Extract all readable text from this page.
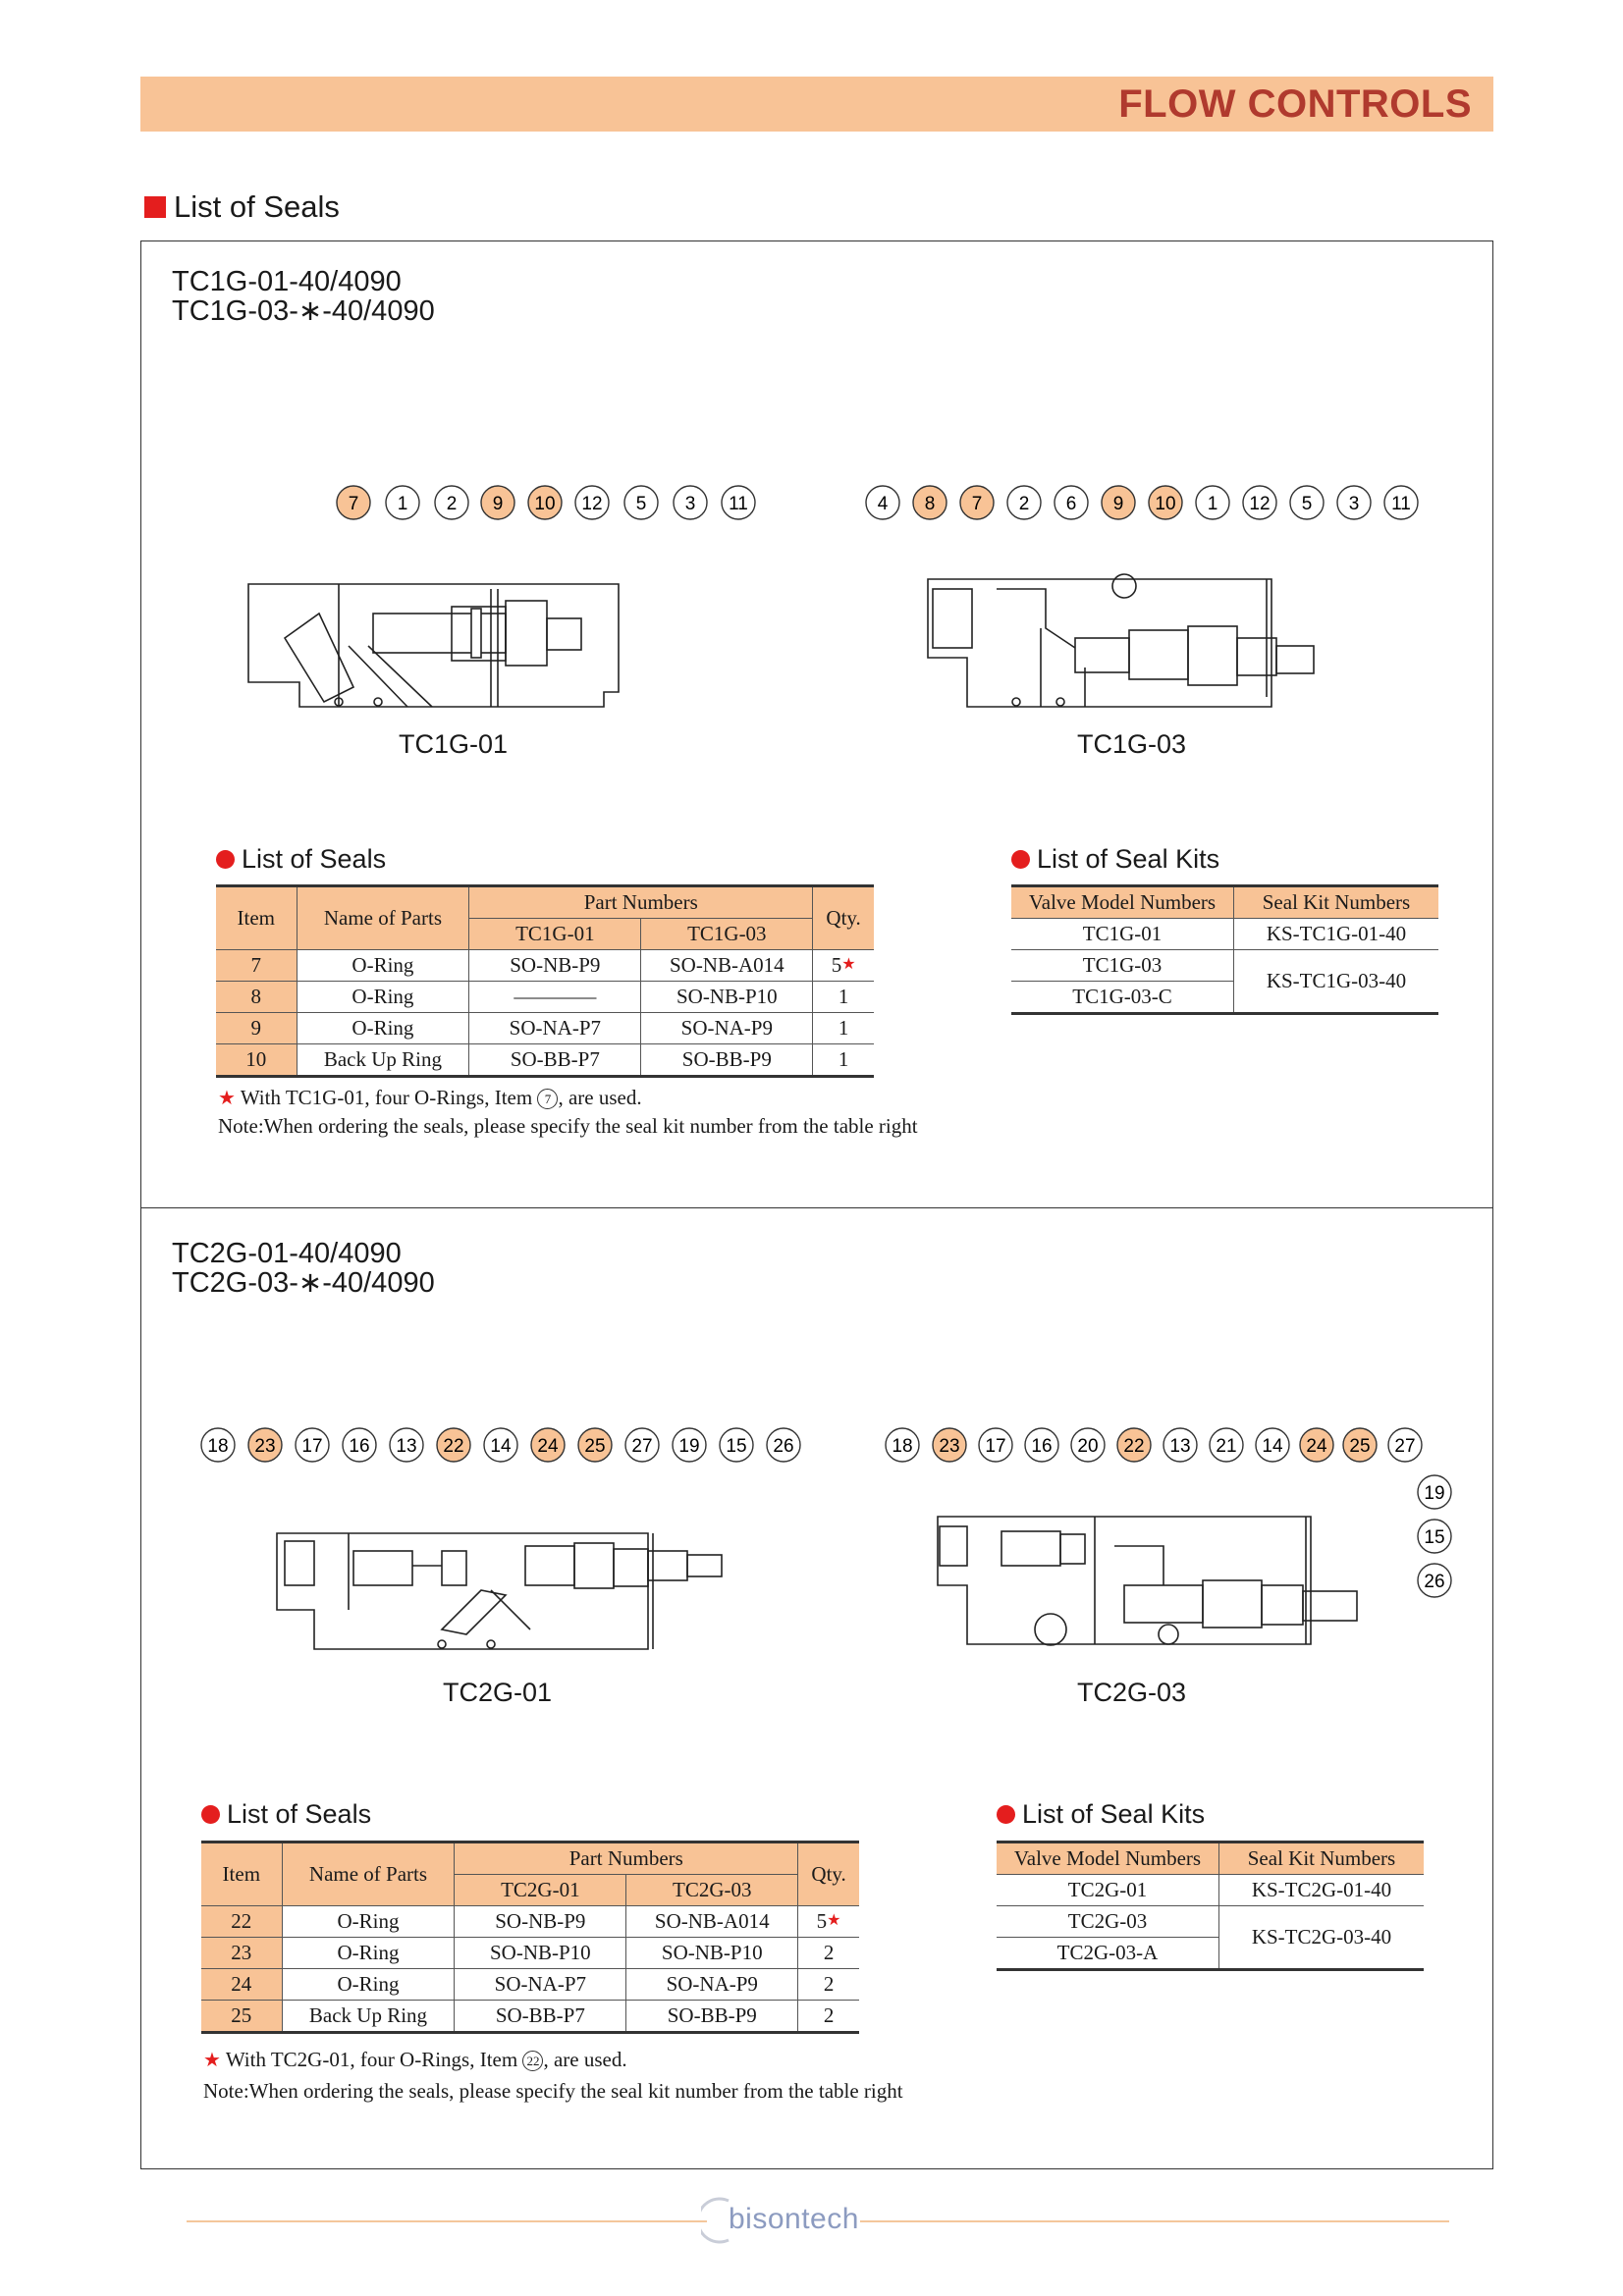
FLOW CONTROLS
List of Seals
TC1G-01-40/4090
TC1G-03-∗-40/4090
TC1G-01
7 1 2 9 10 12 5 3 11
TC1G-03
4 8 7 2 6 9 10 1 12 5 3 11
List of Seals
Item	Name of Parts	Part Numbers		Qty.
		TC1G-01	TC1G-03	
7	O-Ring	SO-NB-P9	SO-NB-A014	5★
8	O-Ring	————	SO-NB-P10	1
9	O-Ring	SO-NA-P7	SO-NA-P9	1
10	Back Up Ring	SO-BB-P7	SO-BB-P9	1
★ With TC1G-01, four O-Rings, Item 7 , are used.
Note:When ordering the seals, please specify the seal kit number from the table right
List of Seal Kits
Valve Model Numbers	Seal Kit Numbers
TC1G-01	KS-TC1G-01-40
TC1G-03	KS-TC1G-03-40
TC1G-03-C	
TC2G-01-40/4090
TC2G-03-∗-40/4090
18 23 17 16 13 22 14 24 25 27 19 15 26
TC2G-01
18 23 17 16 20 22 13 21 14 24 25 27
19
15
26
TC2G-03
List of Seals
Item	Name of Parts	Part Numbers		Qty.
		TC2G-01	TC2G-03	
22	O-Ring	SO-NB-P9	SO-NB-A014	5★
23	O-Ring	SO-NB-P10	SO-NB-P10	2
24	O-Ring	SO-NA-P7	SO-NA-P9	2
25	Back Up Ring	SO-BB-P7	SO-BB-P9	2
★ With TC2G-01, four O-Rings, Item 22 , are used.
Note:When ordering the seals, please specify the seal kit number from the table right
List of Seal Kits
Valve Model Numbers	Seal Kit Numbers
TC2G-01	KS-TC2G-01-40
TC2G-03	KS-TC2G-03-40
TC2G-03-A	
bisontech
